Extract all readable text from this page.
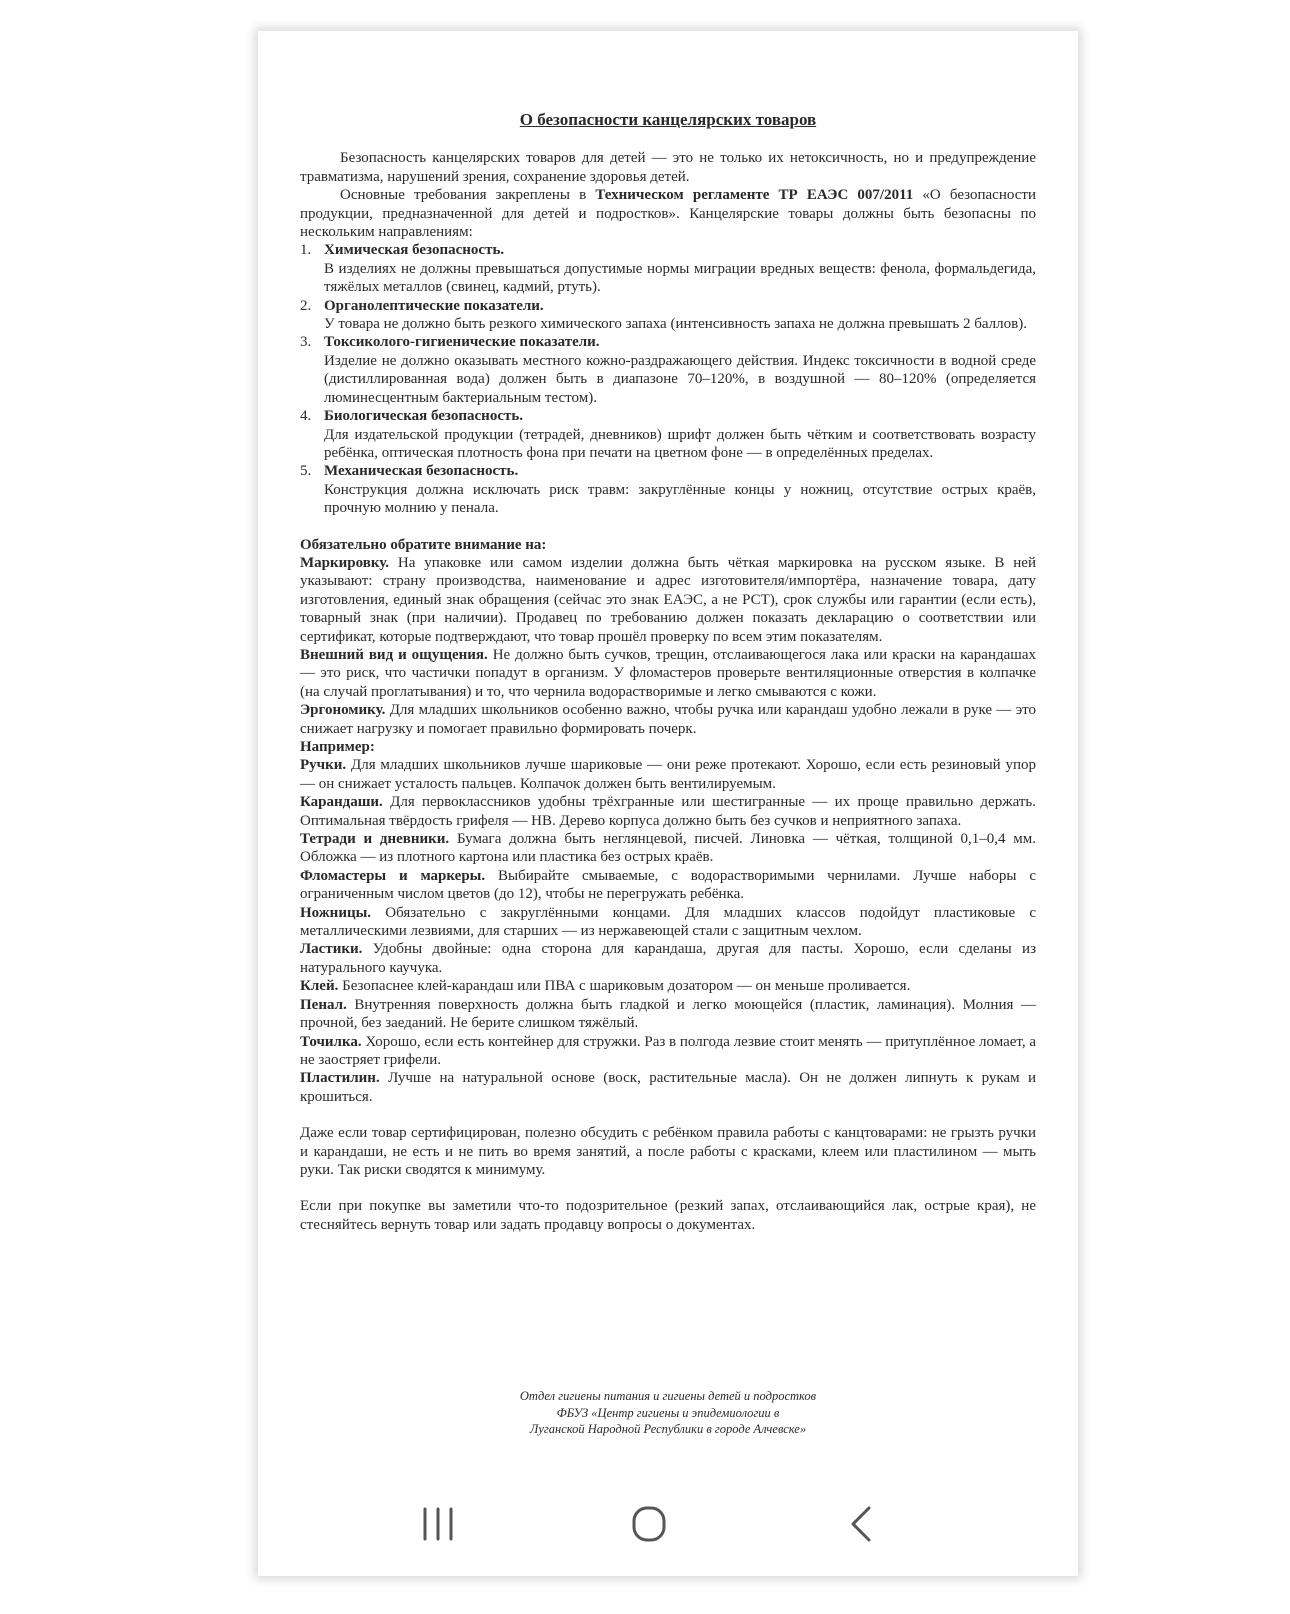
О безопасности канцелярских товаров

Безопасность канцелярских товаров для детей — это не только их нетоксичность, но и предупреждение травматизма, нарушений зрения, сохранение здоровья детей.

Основные требования закреплены в Техническом регламенте ТР ЕАЭС 007/2011 «О безопасности продукции, предназначенной для детей и подростков». Канцелярские товары должны быть безопасны по нескольким направлениям:

1. Химическая безопасность.
В изделиях не должны превышаться допустимые нормы миграции вредных веществ: фенола, формальдегида, тяжёлых металлов (свинец, кадмий, ртуть).
2. Органолептические показатели.
У товара не должно быть резкого химического запаха (интенсивность запаха не должна превышать 2 баллов).
3. Токсиколого-гигиенические показатели.
Изделие не должно оказывать местного кожно-раздражающего действия. Индекс токсичности в водной среде (дистиллированная вода) должен быть в диапазоне 70–120%, в воздушной — 80–120% (определяется люминесцентным бактериальным тестом).
4. Биологическая безопасность.
Для издательской продукции (тетрадей, дневников) шрифт должен быть чётким и соответствовать возрасту ребёнка, оптическая плотность фона при печати на цветном фоне — в определённых пределах.
5. Механическая безопасность.
Конструкция должна исключать риск травм: закруглённые концы у ножниц, отсутствие острых краёв, прочную молнию у пенала.

Обязательно обратите внимание на:

Маркировку. На упаковке или самом изделии должна быть чёткая маркировка на русском языке. В ней указывают: страну производства, наименование и адрес изготовителя/импортёра, назначение товара, дату изготовления, единый знак обращения (сейчас это знак ЕАЭС, а не РСТ), срок службы или гарантии (если есть), товарный знак (при наличии). Продавец по требованию должен показать декларацию о соответствии или сертификат, которые подтверждают, что товар прошёл проверку по всем этим показателям.

Внешний вид и ощущения. Не должно быть сучков, трещин, отслаивающегося лака или краски на карандашах — это риск, что частички попадут в организм. У фломастеров проверьте вентиляционные отверстия в колпачке (на случай проглатывания) и то, что чернила водорастворимые и легко смываются с кожи.

Эргономику. Для младших школьников особенно важно, чтобы ручка или карандаш удобно лежали в руке — это снижает нагрузку и помогает правильно формировать почерк.

Например:

Ручки. Для младших школьников лучше шариковые — они реже протекают. Хорошо, если есть резиновый упор — он снижает усталость пальцев. Колпачок должен быть вентилируемым.

Карандаши. Для первоклассников удобны трёхгранные или шестигранные — их проще правильно держать. Оптимальная твёрдость грифеля — HB. Дерево корпуса должно быть без сучков и неприятного запаха.

Тетради и дневники. Бумага должна быть неглянцевой, писчей. Линовка — чёткая, толщиной 0,1–0,4 мм. Обложка — из плотного картона или пластика без острых краёв.

Фломастеры и маркеры. Выбирайте смываемые, с водорастворимыми чернилами. Лучше наборы с ограниченным числом цветов (до 12), чтобы не перегружать ребёнка.

Ножницы. Обязательно с закруглёнными концами. Для младших классов подойдут пластиковые с металлическими лезвиями, для старших — из нержавеющей стали с защитным чехлом.

Ластики. Удобны двойные: одна сторона для карандаша, другая для пасты. Хорошо, если сделаны из натурального каучука.

Клей. Безопаснее клей-карандаш или ПВА с шариковым дозатором — он меньше проливается.

Пенал. Внутренняя поверхность должна быть гладкой и легко моющейся (пластик, ламинация). Молния — прочной, без заеданий. Не берите слишком тяжёлый.

Точилка. Хорошо, если есть контейнер для стружки. Раз в полгода лезвие стоит менять — притуплённое ломает, а не заостряет грифели.

Пластилин. Лучше на натуральной основе (воск, растительные масла). Он не должен липнуть к рукам и крошиться.

Даже если товар сертифицирован, полезно обсудить с ребёнком правила работы с канцтоварами: не грызть ручки и карандаши, не есть и не пить во время занятий, а после работы с красками, клеем или пластилином — мыть руки. Так риски сводятся к минимуму.

Если при покупке вы заметили что-то подозрительное (резкий запах, отслаивающийся лак, острые края), не стесняйтесь вернуть товар или задать продавцу вопросы о документах.

Отдел гигиены питания и гигиены детей и подростков
ФБУЗ «Центр гигиены и эпидемиологии в
Луганской Народной Республики в городе Алчевске»
